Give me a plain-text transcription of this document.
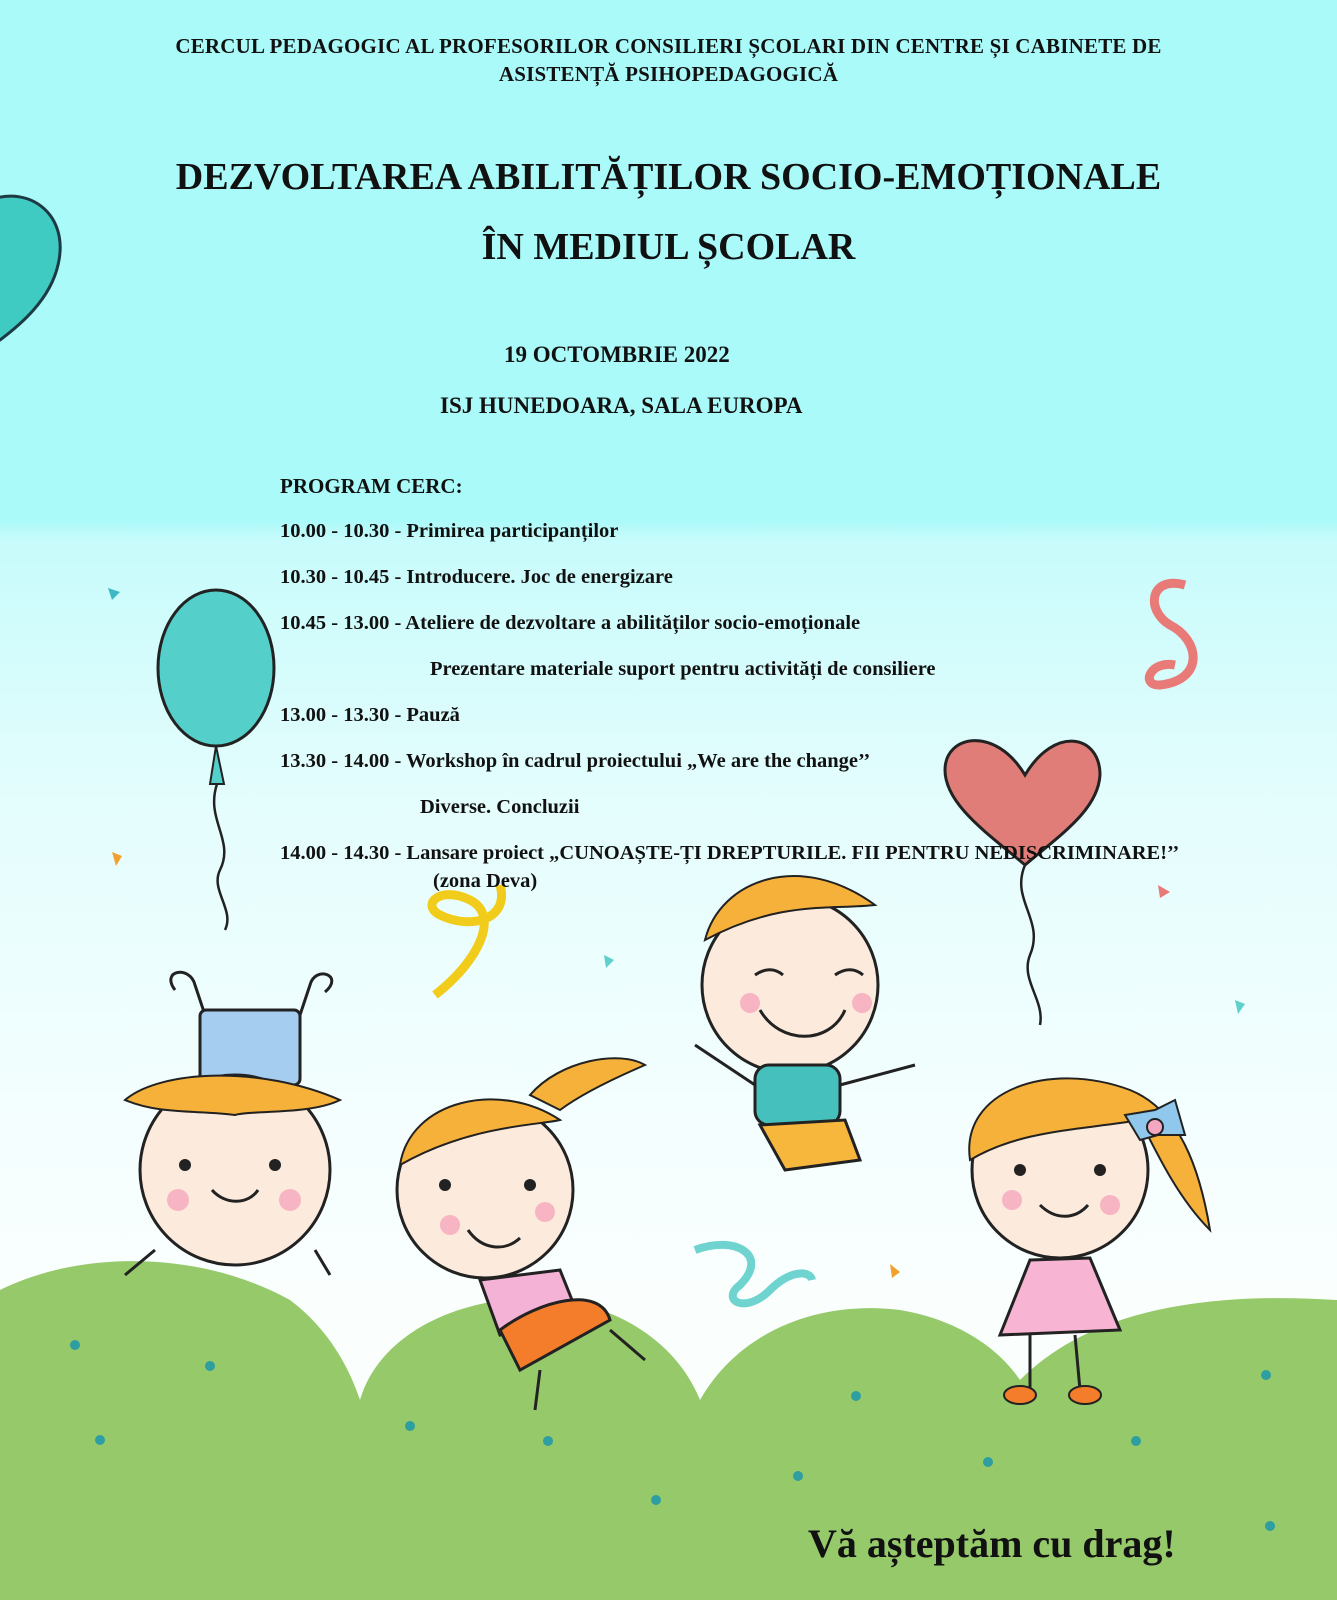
CERCUL PEDAGOGIC AL PROFESORILOR CONSILIERI ȘCOLARI DIN CENTRE ȘI CABINETE DE
ASISTENȚĂ PSIHOPEDAGOGICĂ
DEZVOLTAREA ABILITĂȚILOR SOCIO-EMOȚIONALE
ÎN MEDIUL ȘCOLAR
19 OCTOMBRIE 2022
ISJ HUNEDOARA, SALA EUROPA
PROGRAM CERC:
10.00 - 10.30 - Primirea participanților
10.30 - 10.45 - Introducere. Joc de energizare
10.45 - 13.00 - Ateliere de dezvoltare a abilităților socio-emoționale
Prezentare materiale suport pentru activități de consiliere
13.00 - 13.30 - Pauză
13.30 - 14.00 - Workshop în cadrul proiectului „We are the change’’
Diverse. Concluzii
14.00 - 14.30 - Lansare proiect „CUNOAȘTE-ȚI DREPTURILE. FII PENTRU NEDISCRIMINARE!’’
(zona Deva)
Vă așteptăm cu drag!
